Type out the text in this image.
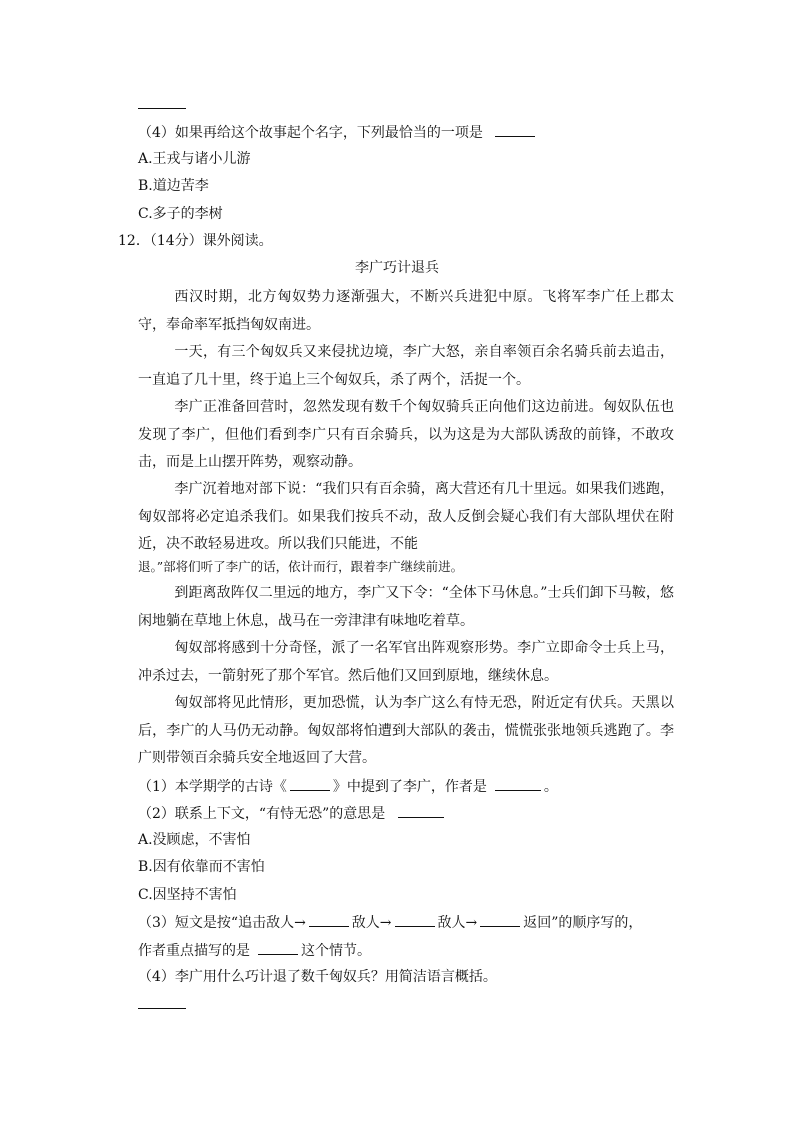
（4）如果再给这个故事起个名字，下列最恰当的一项是
A.王戎与诸小儿游
B.道边苦李
C.多子的李树
12．（14分）课外阅读。
李广巧计退兵

西汉时期，北方匈奴势力逐渐强大，不断兴兵进犯中原。飞将军李广任上郡太守，奉命率军抵挡匈奴南进。

一天，有三个匈奴兵又来侵扰边境，李广大怒，亲自率领百余名骑兵前去追击，一直追了几十里，终于追上三个匈奴兵，杀了两个，活捉一个。

李广正准备回营时，忽然发现有数千个匈奴骑兵正向他们这边前进。匈奴队伍也发现了李广，但他们看到李广只有百余骑兵，以为这是为大部队诱敌的前锋，不敢攻击，而是上山摆开阵势，观察动静。

李广沉着地对部下说：“我们只有百余骑，离大营还有几十里远。如果我们逃跑，匈奴部将必定追杀我们。如果我们按兵不动，敌人反倒会疑心我们有大部队埋伏在附近，决不敢轻易进攻。所以我们只能进，不能

退。”部将们听了李广的话，依计而行，跟着李广继续前进。

到距离敌阵仅二里远的地方，李广又下令：“全体下马休息。”士兵们卸下马鞍，悠闲地躺在草地上休息，战马在一旁津津有味地吃着草。

匈奴部将感到十分奇怪，派了一名军官出阵观察形势。李广立即命令士兵上马，冲杀过去，一箭射死了那个军官。然后他们又回到原地，继续休息。

匈奴部将见此情形，更加恐慌，认为李广这么有恃无恐，附近定有伏兵。天黑以后，李广的人马仍无动静。匈奴部将怕遭到大部队的袭击，慌慌张张地领兵逃跑了。李广则带领百余骑兵安全地返回了大营。

（1）本学期学的古诗《	》中提到了李广，作者是	。
（2）联系上下文，“有恃无恐”的意思是
A.没顾虑，不害怕
B.因有依靠而不害怕
C.因坚持不害怕
（3）短文是按“追击敌人→	敌人→	敌人→	返回”的顺序写的，
作者重点描写的是	这个情节。
（4）李广用什么巧计退了数千匈奴兵？用简洁语言概括。
